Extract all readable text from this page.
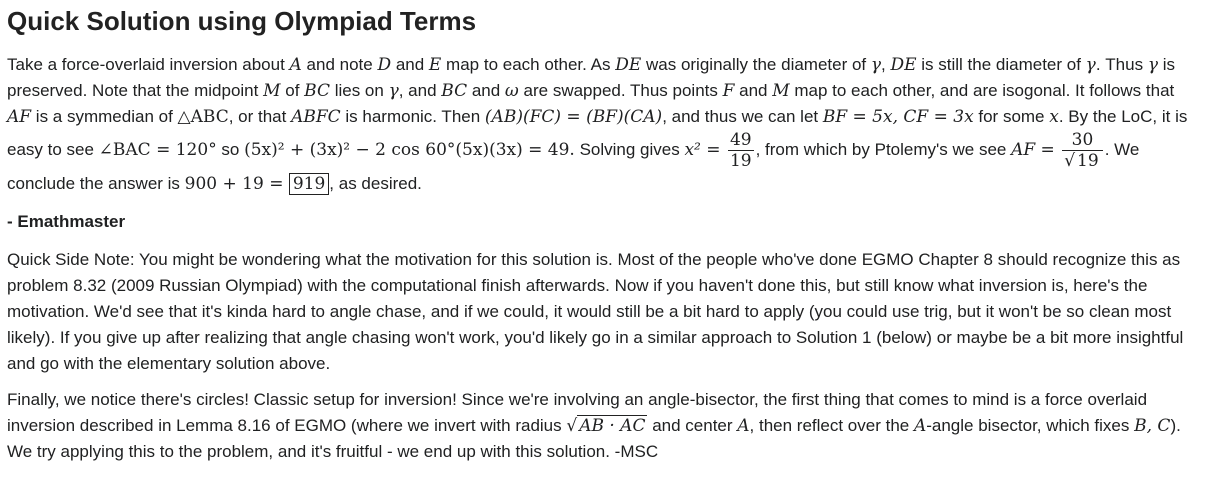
Quick Solution using Olympiad Terms

Take a force-overlaid inversion about A and note D and E map to each other. As DE was originally the diameter of γ, DE is still the diameter of γ. Thus γ is preserved. Note that the midpoint M of BC lies on γ, and BC and ω are swapped. Thus points F and M map to each other, and are isogonal. It follows that AF is a symmedian of △ABC, or that ABFC is harmonic. Then (AB)(FC) = (BF)(CA), and thus we can let BF = 5x, CF = 3x for some x. By the LoC, it is easy to see ∠BAC = 120° so (5x)² + (3x)² − 2 cos 60°(5x)(3x) = 49. Solving gives $x^2 = \frac{49}{19}$ , from which by Ptolemy's we see AF = $\frac{30}{√ 19}$ . We conclude the answer is 900 + 19 = 919 , as desired.

- Emathmaster

Quick Side Note: You might be wondering what the motivation for this solution is. Most of the people who've done EGMO Chapter 8 should recognize this as problem 8.32 (2009 Russian Olympiad) with the computational finish afterwards. Now if you haven't done this, but still know what inversion is, here's the motivation. We'd see that it's kinda hard to angle chase, and if we could, it would still be a bit hard to apply (you could use trig, but it won't be so clean most likely). If you give up after realizing that angle chasing won't work, you'd likely go in a similar approach to Solution 1 (below) or maybe be a bit more insightful and go with the elementary solution above.

Finally, we notice there's circles! Classic setup for inversion! Since we're involving an angle-bisector, the first thing that comes to mind is a force overlaid inversion described in Lemma 8.16 of EGMO (where we invert with radius √ AB · AC and center A, then reflect over the A-angle bisector, which fixes B, C). We try applying this to the problem, and it's fruitful - we end up with this solution. -MSC
